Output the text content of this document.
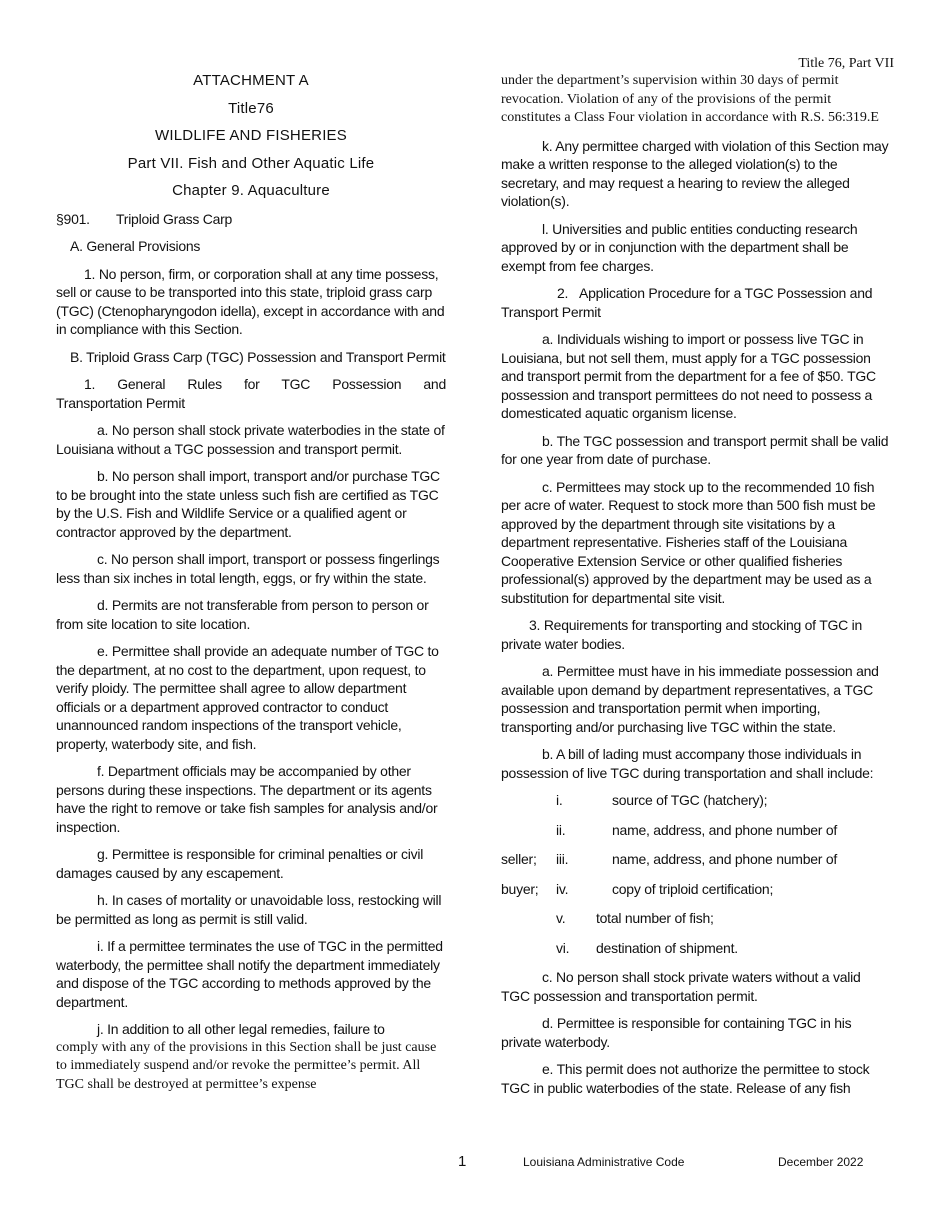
Title 76, Part VII
ATTACHMENT A
Title76
WILDLIFE AND FISHERIES
Part VII. Fish and Other Aquatic Life
Chapter 9. Aquaculture
§901. Triploid Grass Carp

A. General Provisions

1. No person, firm, or corporation shall at any time possess, sell or cause to be transported into this state, triploid grass carp (TGC) (Ctenopharyngodon idella), except in accordance with and in compliance with this Section.

B. Triploid Grass Carp (TGC) Possession and Transport Permit

1. General Rules for TGC Possession and

Transportation Permit

a. No person shall stock private waterbodies in the state of Louisiana without a TGC possession and transport permit.

b. No person shall import, transport and/or purchase TGC to be brought into the state unless such fish are certified as TGC by the U.S. Fish and Wildlife Service or a qualified agent or contractor approved by the department.

c. No person shall import, transport or possess fingerlings less than six inches in total length, eggs, or fry within the state.

d. Permits are not transferable from person to person or from site location to site location.

e. Permittee shall provide an adequate number of TGC to the department, at no cost to the department, upon request, to verify ploidy. The permittee shall agree to allow department officials or a department approved contractor to conduct unannounced random inspections of the transport vehicle, property, waterbody site, and fish.

f. Department officials may be accompanied by other persons during these inspections. The department or its agents have the right to remove or take fish samples for analysis and/or inspection.

g. Permittee is responsible for criminal penalties or civil damages caused by any escapement.

h. In cases of mortality or unavoidable loss, restocking will be permitted as long as permit is still valid.

i. If a permittee terminates the use of TGC in the permitted waterbody, the permittee shall notify the department immediately and dispose of the TGC according to methods approved by the department.

j. In addition to all other legal remedies, failure to

comply with any of the provisions in this Section shall be just cause to immediately suspend and/or revoke the permittee’s permit. All TGC shall be destroyed at permittee’s expense

under the department’s supervision within 30 days of permit revocation. Violation of any of the provisions of the permit constitutes a Class Four violation in accordance with R.S. 56:319.E

k. Any permittee charged with violation of this Section may make a written response to the alleged violation(s) to the secretary, and may request a hearing to review the alleged violation(s).

l. Universities and public entities conducting research approved by or in conjunction with the department shall be exempt from fee charges.

2. Application Procedure for a TGC Possession and Transport Permit

a. Individuals wishing to import or possess live TGC in Louisiana, but not sell them, must apply for a TGC possession and transport permit from the department for a fee of $50. TGC possession and transport permittees do not need to possess a domesticated aquatic organism license.

b. The TGC possession and transport permit shall be valid for one year from date of purchase.

c. Permittees may stock up to the recommended 10 fish per acre of water. Request to stock more than 500 fish must be approved by the department through site visitations by a department representative. Fisheries staff of the Louisiana Cooperative Extension Service or other qualified fisheries professional(s) approved by the department may be used as a substitution for departmental site visit.

3. Requirements for transporting and stocking of TGC in private water bodies.

a. Permittee must have in his immediate possession and available upon demand by department representatives, a TGC possession and transportation permit when importing, transporting and/or purchasing live TGC within the state.

b. A bill of lading must accompany those individuals in possession of live TGC during transportation and shall include:

i.	source of TGC (hatchery);
ii.	name, address, and phone number of
seller; iii.	name, address, and phone number of
buyer; iv.	copy of triploid certification;
v. total number of fish;
vi. destination of shipment.

c. No person shall stock private waters without a valid TGC possession and transportation permit.

d. Permittee is responsible for containing TGC in his private waterbody.

e. This permit does not authorize the permittee to stock TGC in public waterbodies of the state. Release of any fish

1	Louisiana Administrative Code	December 2022
